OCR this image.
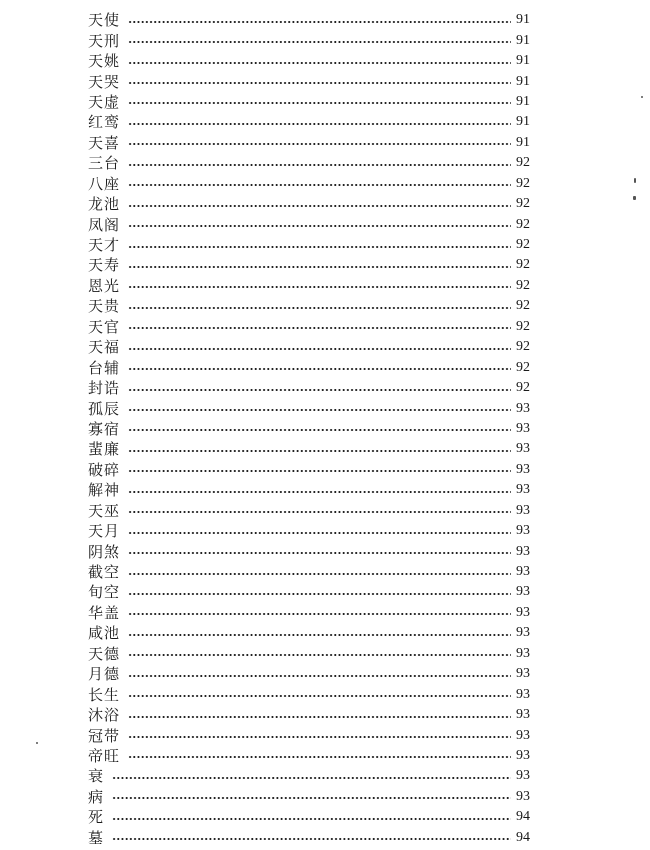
天使	91
天刑	91
天姚	91
天哭	91
天虚	91
红鸾	91
天喜	91
三台	92
八座	92
龙池	92
凤阁	92
天才	92
天寿	92
恩光	92
天贵	92
天官	92
天福	92
台辅	92
封诰	92
孤辰	93
寡宿	93
蜚廉	93
破碎	93
解神	93
天巫	93
天月	93
阴煞	93
截空	93
旬空	93
华盖	93
咸池	93
天德	93
月德	93
长生	93
沐浴	93
冠带	93
帝旺	93
衰	93
病	93
死	94
墓	94
